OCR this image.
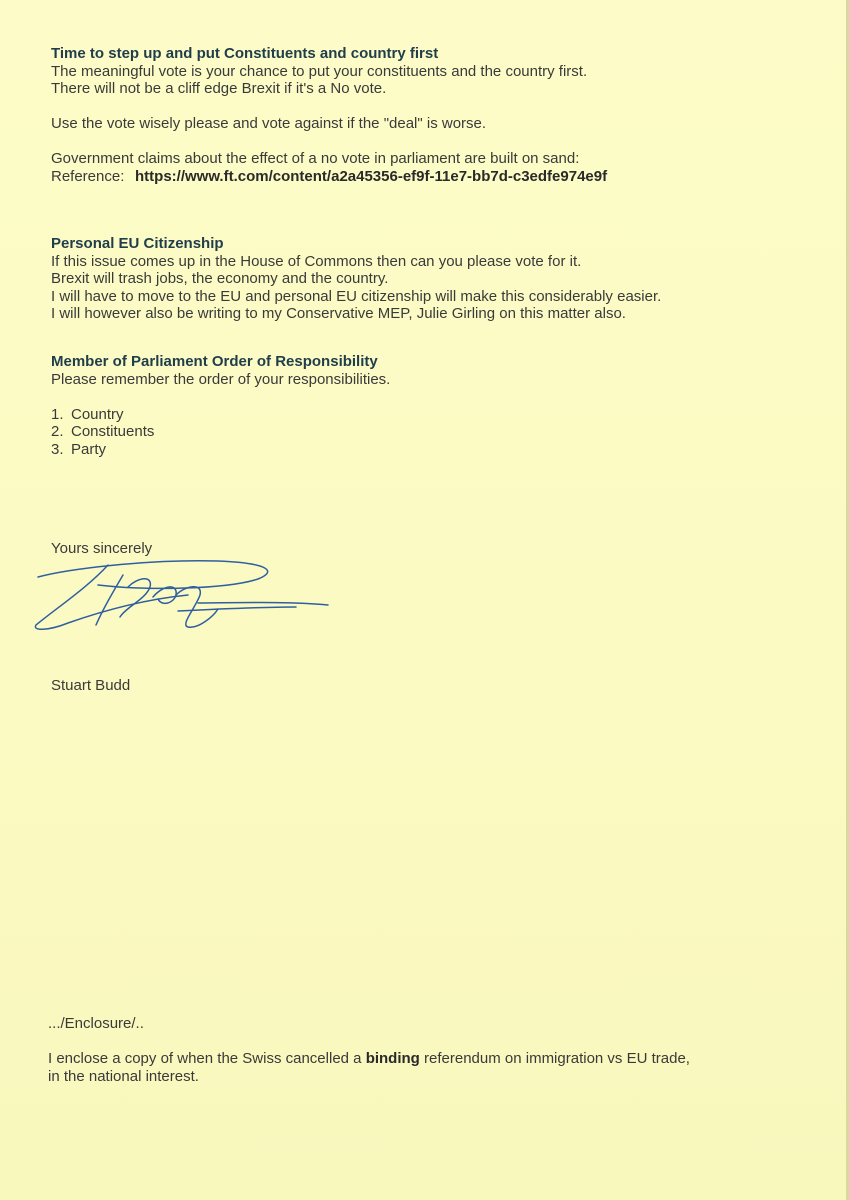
Time to step up and put Constituents and country first

The meaningful vote is your chance to put your constituents and the country first.

There will not be a cliff edge Brexit if it's a No vote.

Use the vote wisely please and vote against if the "deal" is worse.

Government claims about the effect of a no vote in parliament are built on sand:

Reference: https://www.ft.com/content/a2a45356-ef9f-11e7-bb7d-c3edfe974e9f

Personal EU Citizenship

If this issue comes up in the House of Commons then can you please vote for it.

Brexit will trash jobs, the economy and the country.

I will have to move to the EU and personal EU citizenship will make this considerably easier.

I will however also be writing to my Conservative MEP, Julie Girling on this matter also.

Member of Parliament Order of Responsibility

Please remember the order of your responsibilities.

1. Country
2. Constituents
3. Party

Yours sincerely

Stuart Budd

.../Enclosure/..

I enclose a copy of when the Swiss cancelled a binding referendum on immigration vs EU trade,

in the national interest.
